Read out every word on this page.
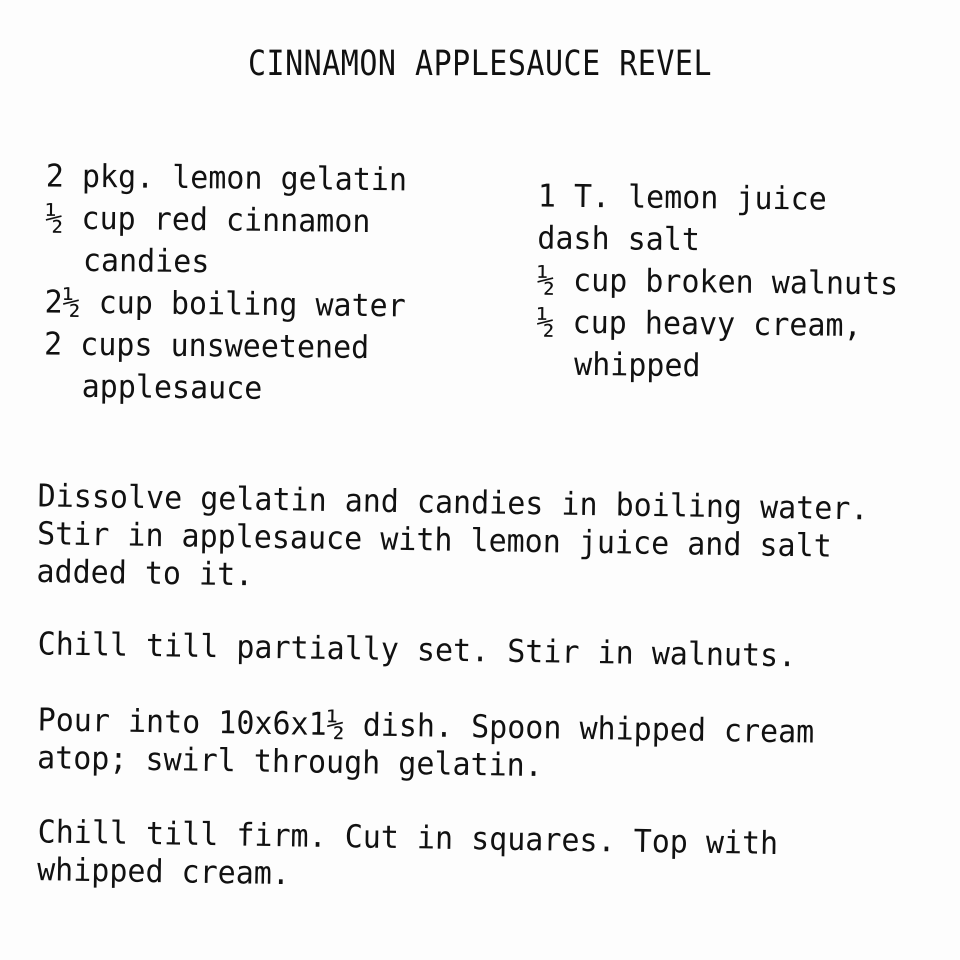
CINNAMON APPLESAUCE REVEL
2 pkg. lemon gelatin
½ cup red cinnamon
candies
2½ cup boiling water
2 cups unsweetened
applesauce
1 T. lemon juice
dash salt
½ cup broken walnuts
½ cup heavy cream,
whipped

Dissolve gelatin and candies in boiling water.
Stir in applesauce with lemon juice and salt
added to it.

Chill till partially set. Stir in walnuts.

Pour into 10x6x1½ dish. Spoon whipped cream
atop; swirl through gelatin.

Chill till firm. Cut in squares. Top with
whipped cream.
